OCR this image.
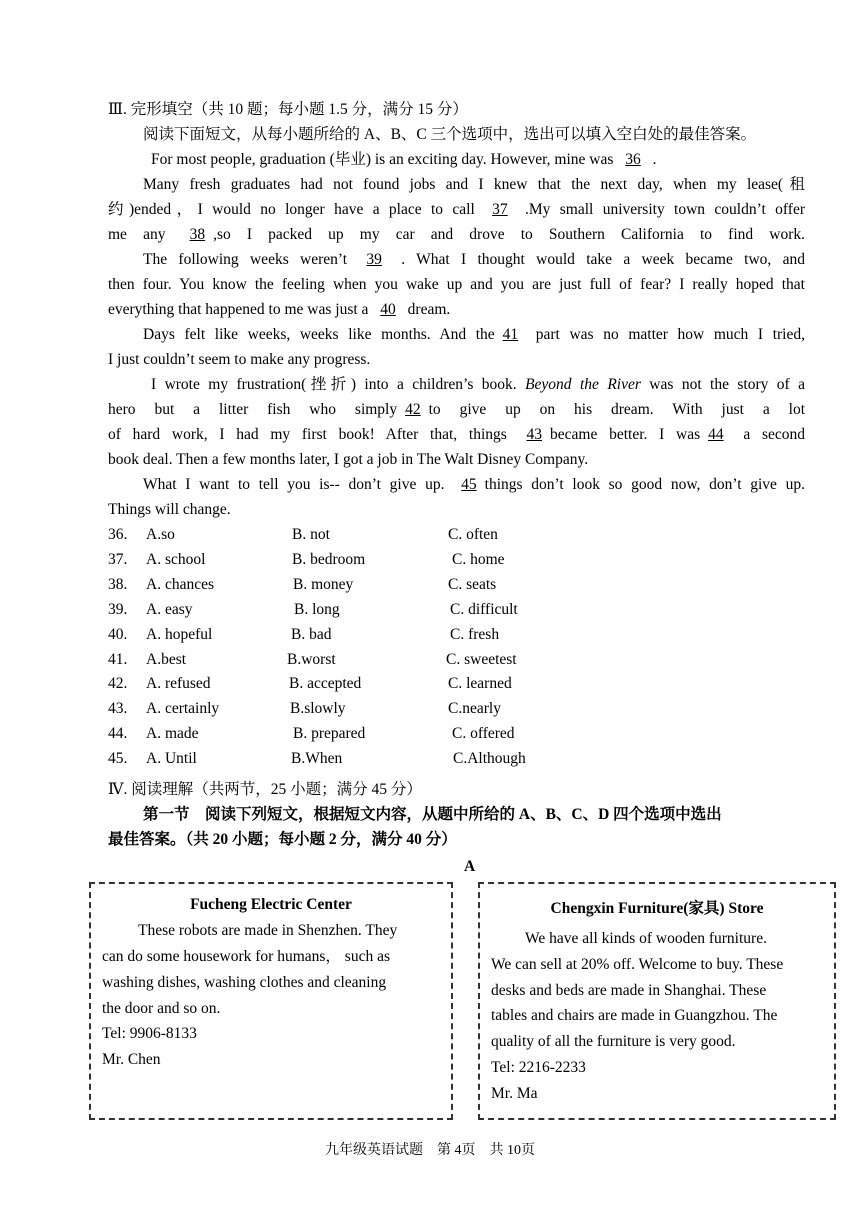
Ⅲ. 完形填空（共 10 题；每小题 1.5 分，满分 15 分）
阅读下面短文，从每小题所给的 A、B、C 三个选项中，选出可以填入空白处的最佳答案。
For most people, graduation (毕业) is an exciting day. However, mine was 36 .
Many fresh graduates had not found jobs and I knew that the next day, when my lease(租
约)ended，I would no longer have a place to call 37 .My small university town couldn’t offer
me any 38 ,so I packed up my car and drove to Southern California to find work.
The following weeks weren’t 39 . What I thought would take a week became two, and
then four. You know the feeling when you wake up and you are just full of fear? I really hoped that
everything that happened to me was just a 40 dream.
Days felt like weeks, weeks like months. And the 41 part was no matter how much I tried,
I just couldn’t seem to make any progress.
I wrote my frustration(挫折) into a children’s book. Beyond the River was not the story of a
hero but a litter fish who simply 42 to give up on his dream. With just a lot
of hard work, I had my first book! After that, things 43 became better. I was 44 a second
book deal. Then a few months later, I got a job in The Walt Disney Company.
What I want to tell you is-- don’t give up. 45 things don’t look so good now, don’t give up.
Things will change.
36. A.so	B. not	C. often
37. A. school	B. bedroom	C. home
38. A. chances	B. money	C. seats
39. A. easy	B. long	C. difficult
40. A. hopeful	B. bad	C. fresh
41. A.best	B.worst	C. sweetest
42. A. refused	B. accepted	C. learned
43. A. certainly	B.slowly	C.nearly
44. A. made	B. prepared	C. offered
45. A. Until	B.When	C.Although
Ⅳ. 阅读理解（共两节，25 小题；满分 45 分）
第一节　阅读下列短文，根据短文内容，从题中所给的 A、B、C、D 四个选项中选出
最佳答案。（共 20 小题；每小题 2 分，满分 40 分）
A
Fucheng Electric Center
These robots are made in Shenzhen. They
can do some housework for humans， such as
washing dishes, washing clothes and cleaning
the door and so on.
Tel: 9906-8133
Mr. Chen
Chengxin Furniture(家具) Store
We have all kinds of wooden furniture.
We can sell at 20% off. Welcome to buy. These
desks and beds are made in Shanghai. These
tables and chairs are made in Guangzhou. The
quality of all the furniture is very good.
Tel: 2216-2233
Mr. Ma
九年级英语试题　第 4页　共 10页
